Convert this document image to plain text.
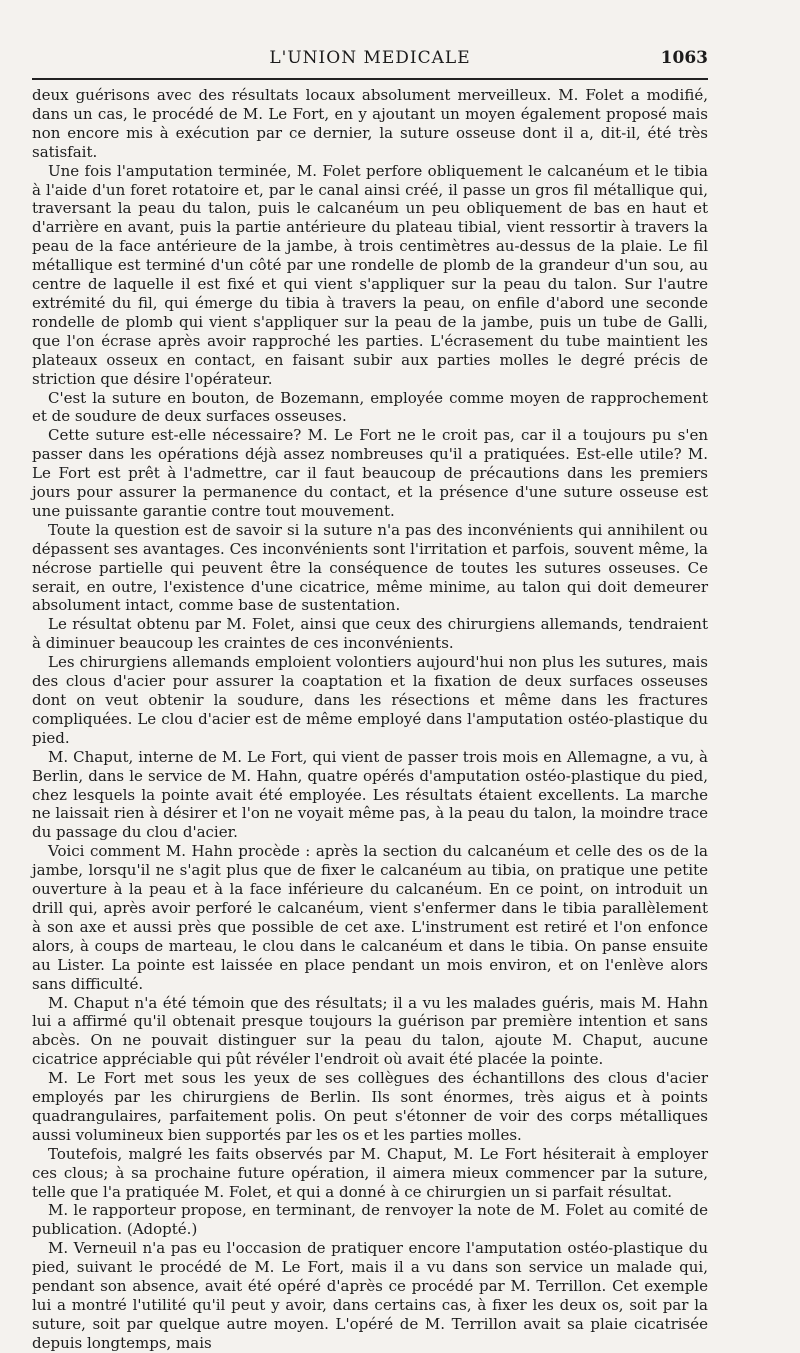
L'UNION MEDICALE	1063

deux guérisons avec des résultats locaux absolument merveilleux. M. Folet a modifié, dans un cas, le procédé de M. Le Fort, en y ajoutant un moyen également proposé mais non encore mis à exécution par ce dernier, la suture osseuse dont il a, dit-il, été très satisfait.

Une fois l'amputation terminée, M. Folet perfore obliquement le calcanéum et le tibia à l'aide d'un foret rotatoire et, par le canal ainsi créé, il passe un gros fil métallique qui, traversant la peau du talon, puis le calcanéum un peu obliquement de bas en haut et d'arrière en avant, puis la partie antérieure du plateau tibial, vient ressortir à travers la peau de la face antérieure de la jambe, à trois centimètres au-dessus de la plaie. Le fil métallique est terminé d'un côté par une rondelle de plomb de la grandeur d'un sou, au centre de laquelle il est fixé et qui vient s'appliquer sur la peau du talon. Sur l'autre extrémité du fil, qui émerge du tibia à travers la peau, on enfile d'abord une seconde rondelle de plomb qui vient s'appliquer sur la peau de la jambe, puis un tube de Galli, que l'on écrase après avoir rapproché les parties. L'écrasement du tube maintient les plateaux osseux en contact, en faisant subir aux parties molles le degré précis de striction que désire l'opérateur.

C'est la suture en bouton, de Bozemann, employée comme moyen de rapprochement et de soudure de deux surfaces osseuses.

Cette suture est-elle nécessaire? M. Le Fort ne le croit pas, car il a toujours pu s'en passer dans les opérations déjà assez nombreuses qu'il a pratiquées. Est-elle utile? M. Le Fort est prêt à l'admettre, car il faut beaucoup de précautions dans les premiers jours pour assurer la permanence du contact, et la présence d'une suture osseuse est une puissante garantie contre tout mouvement.

Toute la question est de savoir si la suture n'a pas des inconvénients qui annihilent ou dépassent ses avantages. Ces inconvénients sont l'irritation et parfois, souvent même, la nécrose partielle qui peuvent être la conséquence de toutes les sutures osseuses. Ce serait, en outre, l'existence d'une cicatrice, même minime, au talon qui doit demeurer absolument intact, comme base de sustentation.

Le résultat obtenu par M. Folet, ainsi que ceux des chirurgiens allemands, tendraient à diminuer beaucoup les craintes de ces inconvénients.

Les chirurgiens allemands emploient volontiers aujourd'hui non plus les sutures, mais des clous d'acier pour assurer la coaptation et la fixation de deux surfaces osseuses dont on veut obtenir la soudure, dans les résections et même dans les fractures compliquées. Le clou d'acier est de même employé dans l'amputation ostéo-plastique du pied.

M. Chaput, interne de M. Le Fort, qui vient de passer trois mois en Allemagne, a vu, à Berlin, dans le service de M. Hahn, quatre opérés d'amputation ostéo-plastique du pied, chez lesquels la pointe avait été employée. Les résultats étaient excellents. La marche ne laissait rien à désirer et l'on ne voyait même pas, à la peau du talon, la moindre trace du passage du clou d'acier.

Voici comment M. Hahn procède : après la section du calcanéum et celle des os de la jambe, lorsqu'il ne s'agit plus que de fixer le calcanéum au tibia, on pratique une petite ouverture à la peau et à la face inférieure du calcanéum. En ce point, on introduit un drill qui, après avoir perforé le calcanéum, vient s'enfermer dans le tibia parallèlement à son axe et aussi près que possible de cet axe. L'instrument est retiré et l'on enfonce alors, à coups de marteau, le clou dans le calcanéum et dans le tibia. On panse ensuite au Lister. La pointe est laissée en place pendant un mois environ, et on l'enlève alors sans difficulté.

M. Chaput n'a été témoin que des résultats; il a vu les malades guéris, mais M. Hahn lui a affirmé qu'il obtenait presque toujours la guérison par première intention et sans abcès. On ne pouvait distinguer sur la peau du talon, ajoute M. Chaput, aucune cicatrice appréciable qui pût révéler l'endroit où avait été placée la pointe.

M. Le Fort met sous les yeux de ses collègues des échantillons des clous d'acier employés par les chirurgiens de Berlin. Ils sont énormes, très aigus et à points quadrangulaires, parfaitement polis. On peut s'étonner de voir des corps métalliques aussi volumineux bien supportés par les os et les parties molles.

Toutefois, malgré les faits observés par M. Chaput, M. Le Fort hésiterait à employer ces clous; à sa prochaine future opération, il aimera mieux commencer par la suture, telle que l'a pratiquée M. Folet, et qui a donné à ce chirurgien un si parfait résultat.

M. le rapporteur propose, en terminant, de renvoyer la note de M. Folet au comité de publication. (Adopté.)

M. Verneuil n'a pas eu l'occasion de pratiquer encore l'amputation ostéo-plastique du pied, suivant le procédé de M. Le Fort, mais il a vu dans son service un malade qui, pendant son absence, avait été opéré d'après ce procédé par M. Terrillon. Cet exemple lui a montré l'utilité qu'il peut y avoir, dans certains cas, à fixer les deux os, soit par la suture, soit par quelque autre moyen. L'opéré de M. Terrillon avait sa plaie cicatrisée depuis longtemps, mais
